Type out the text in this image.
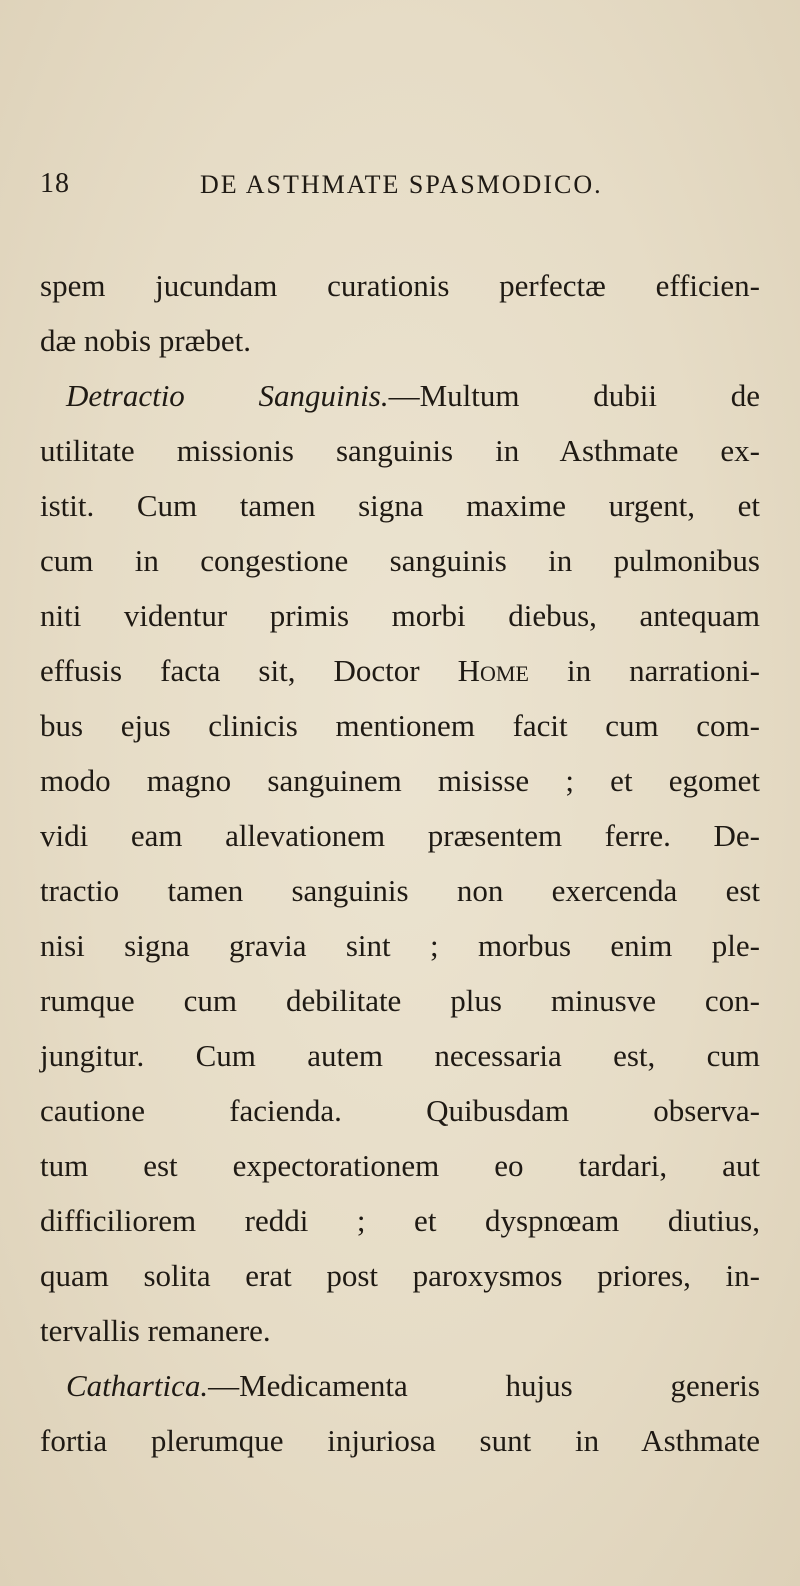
18	DE ASTHMATE SPASMODICO.
spem jucundam curationis perfectæ efficien-
dæ nobis præbet.
Detractio Sanguinis.—Multum dubii de
utilitate missionis sanguinis in Asthmate ex-
istit. Cum tamen signa maxime urgent, et
cum in congestione sanguinis in pulmonibus
niti videntur primis morbi diebus, antequam
effusis facta sit, Doctor Home in narrationi-
bus ejus clinicis mentionem facit cum com-
modo magno sanguinem misisse ; et egomet
vidi eam allevationem præsentem ferre. De-
tractio tamen sanguinis non exercenda est
nisi signa gravia sint ; morbus enim ple-
rumque cum debilitate plus minusve con-
jungitur. Cum autem necessaria est, cum
cautione facienda. Quibusdam observa-
tum est expectorationem eo tardari, aut
difficiliorem reddi ; et dyspnœam diutius,
quam solita erat post paroxysmos priores, in-
tervallis remanere.
Cathartica.—Medicamenta hujus generis
fortia plerumque injuriosa sunt in Asthmate
